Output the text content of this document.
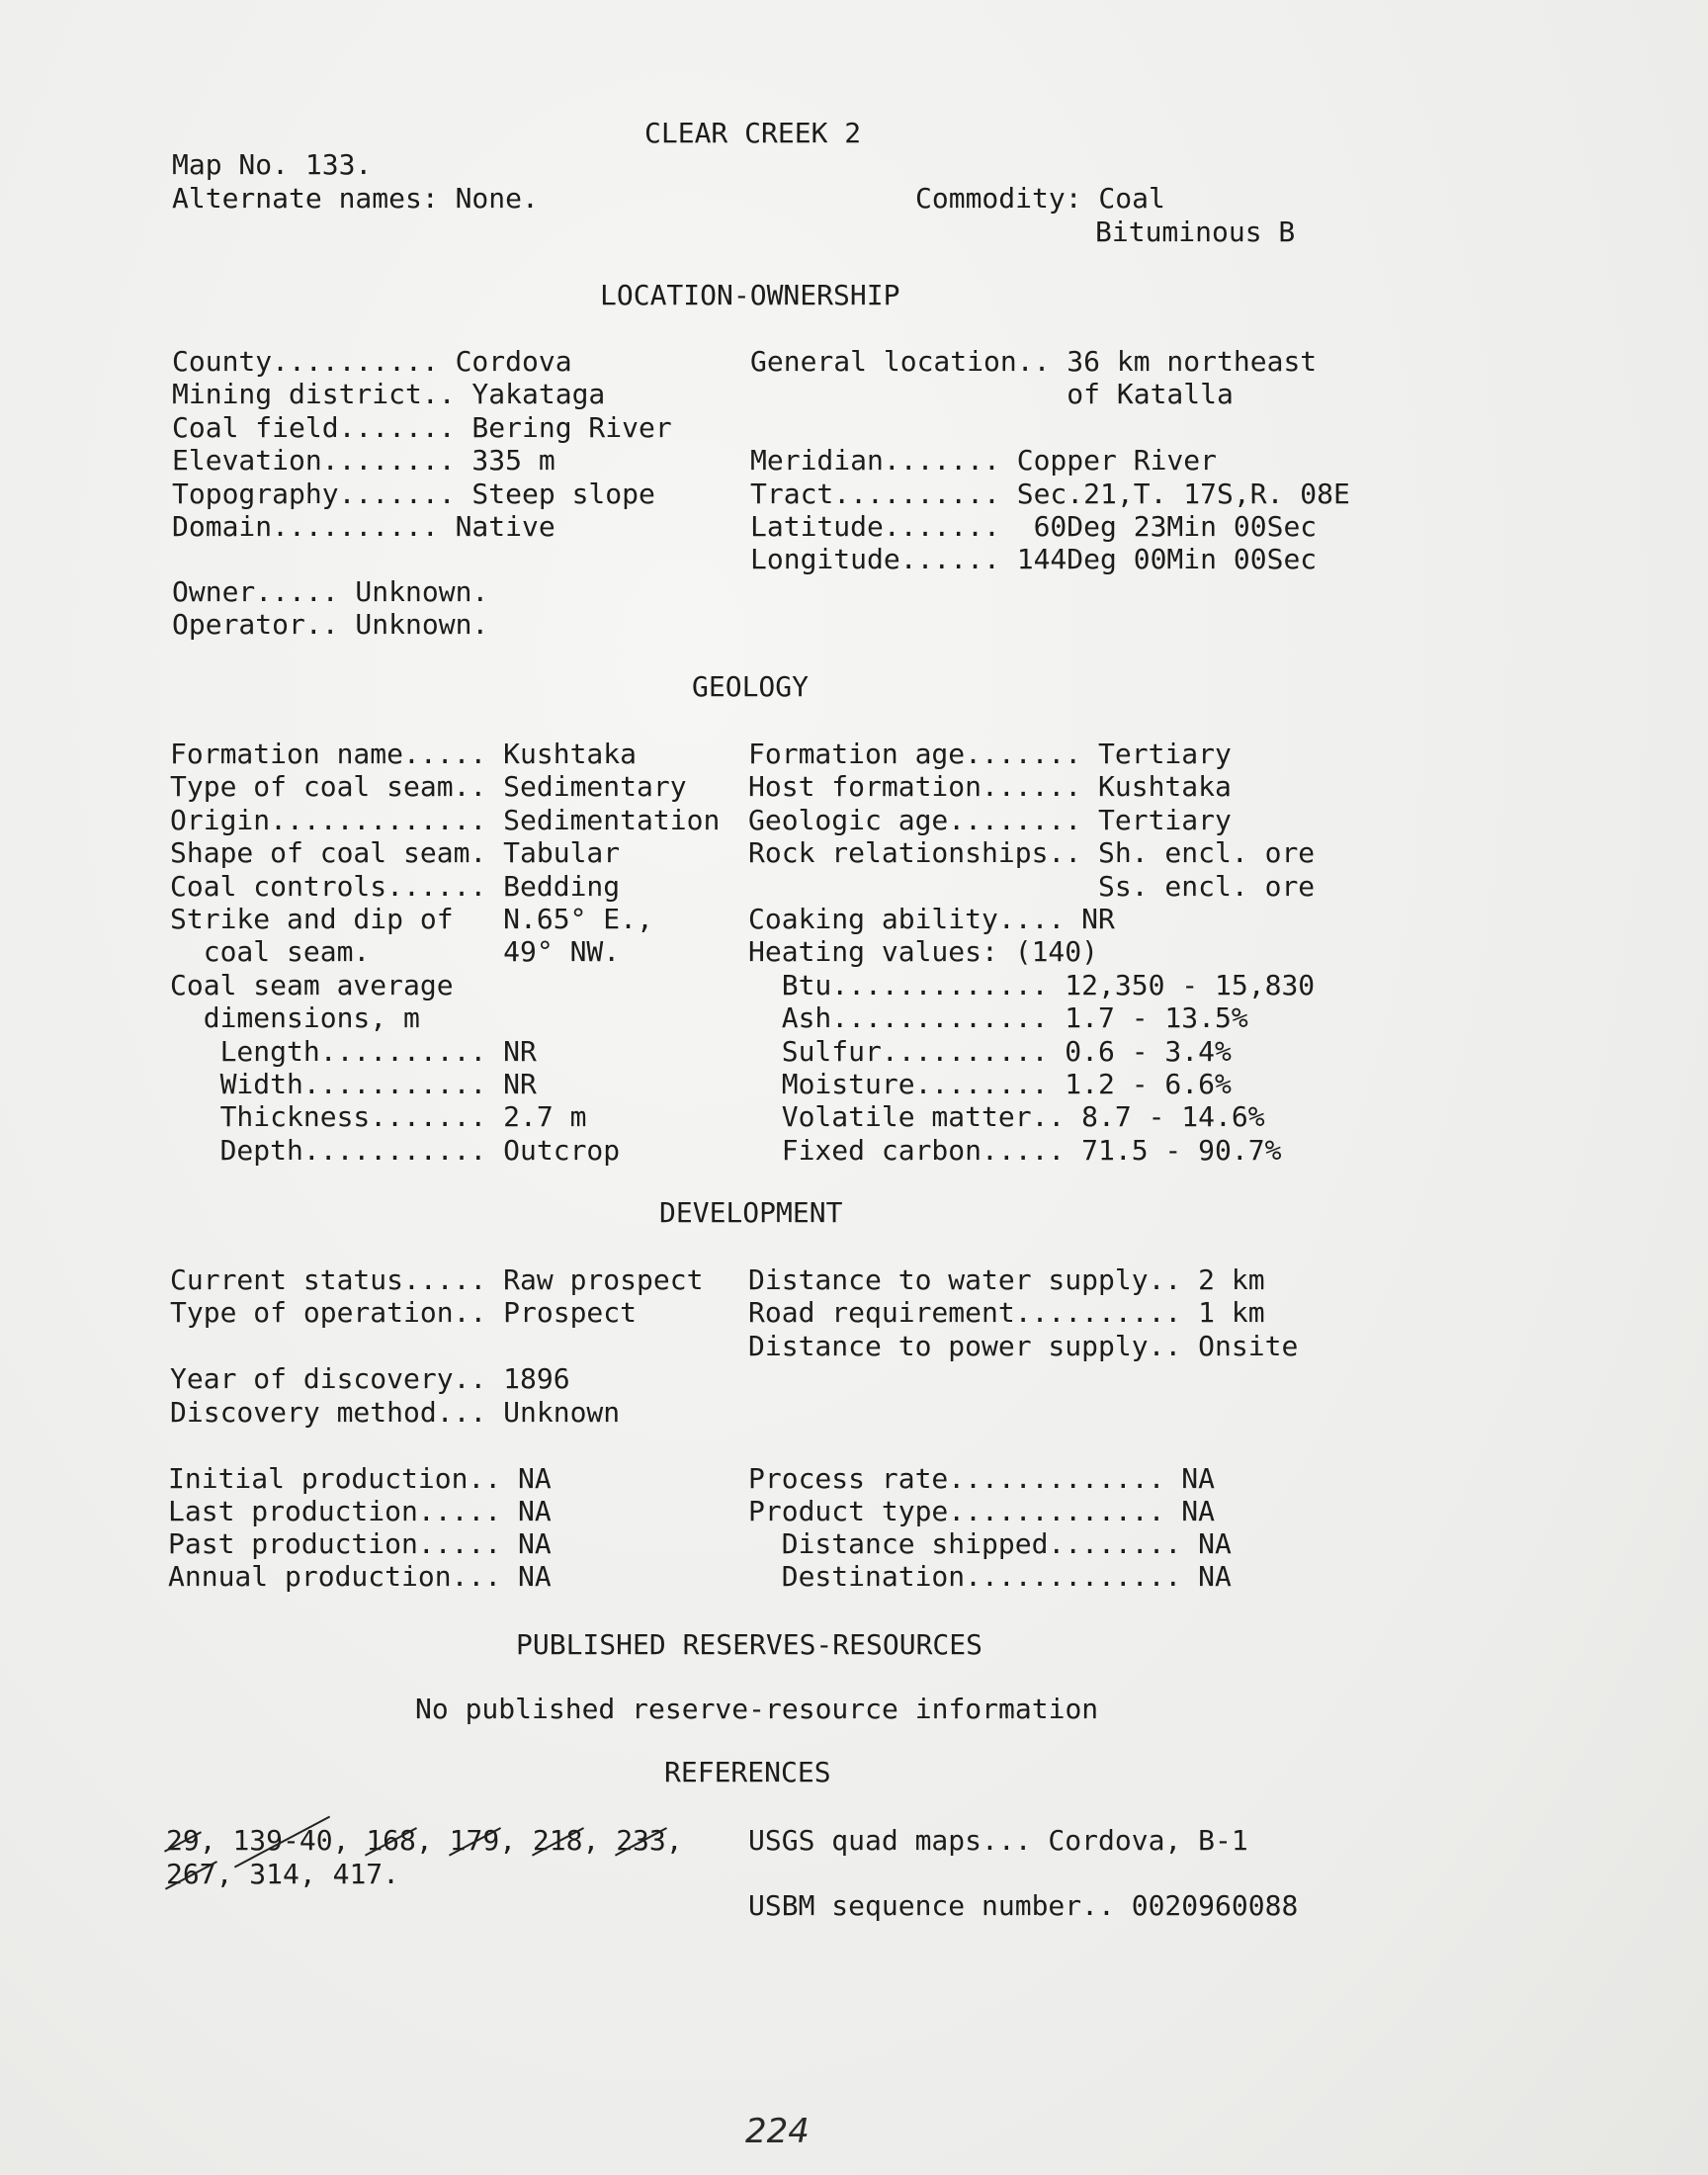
CLEAR CREEK 2
Map No. 133.
Alternate names: None.	Commodity: Coal
Bituminous B
LOCATION-OWNERSHIP
County.......... Cordova
Mining district.. Yakataga
Coal field....... Bering River
Elevation........ 335 m
Topography....... Steep slope
Domain.......... Native
General location.. 36 km northeast
of Katalla
Meridian....... Copper River
Tract.......... Sec.21,T. 17S,R. 08E
Latitude.......  60Deg 23Min 00Sec
Longitude...... 144Deg 00Min 00Sec
Owner..... Unknown.
Operator.. Unknown.
GEOLOGY
Formation name..... Kushtaka
Type of coal seam.. Sedimentary
Origin............. Sedimentation
Shape of coal seam. Tabular
Coal controls...... Bedding
Strike and dip of   N.65° E.,
coal seam.        49° NW.
Coal seam average
dimensions, m
Length.......... NR
Width........... NR
Thickness....... 2.7 m
Depth........... Outcrop
Formation age....... Tertiary
Host formation...... Kushtaka
Geologic age........ Tertiary
Rock relationships.. Sh. encl. ore
Ss. encl. ore
Coaking ability.... NR
Heating values: (140)
Btu............. 12,350 - 15,830
Ash............. 1.7 - 13.5%
Sulfur.......... 0.6 - 3.4%
Moisture........ 1.2 - 6.6%
Volatile matter.. 8.7 - 14.6%
Fixed carbon..... 71.5 - 90.7%
DEVELOPMENT
Current status..... Raw prospect
Type of operation.. Prospect
Distance to water supply.. 2 km
Road requirement.......... 1 km
Distance to power supply.. Onsite
Year of discovery.. 1896
Discovery method... Unknown
Initial production.. NA
Last production..... NA
Past production..... NA
Annual production... NA
Process rate............. NA
Product type............. NA
Distance shipped........ NA
Destination............. NA
PUBLISHED RESERVES-RESOURCES
No published reserve-resource information
REFERENCES
29, 139-40, 168, 179, 218, 233,
267, 314, 417.
USGS quad maps... Cordova, B-1
USBM sequence number.. 0020960088
224
